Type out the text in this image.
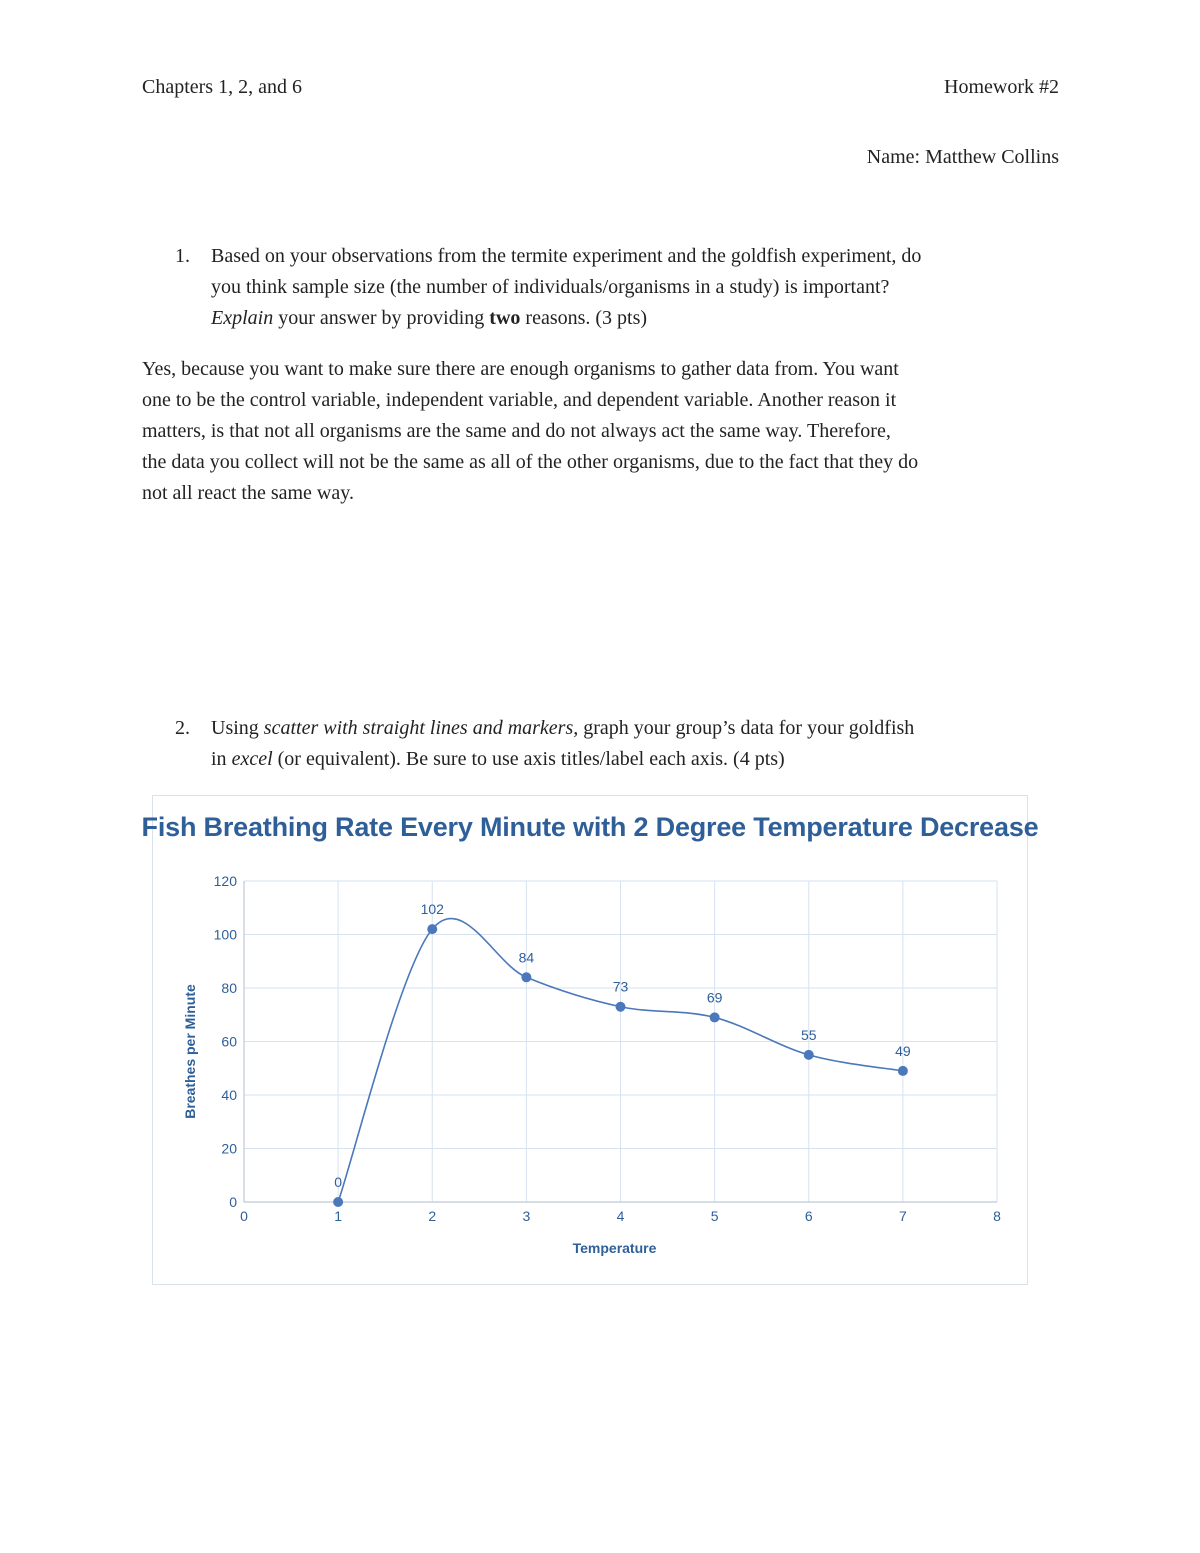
Chapters 1, 2, and 6	Homework #2

Name: Matthew Collins

1. Based on your observations from the termite experiment and the goldfish experiment, do
you think sample size (the number of individuals/organisms in a study) is important?
Explain your answer by providing two reasons. (3 pts)
Yes, because you want to make sure there are enough organisms to gather data from. You want
one to be the control variable, independent variable, and dependent variable. Another reason it
matters, is that not all organisms are the same and do not always act the same way. Therefore,
the data you collect will not be the same as all of the other organisms, due to the fact that they do
not all react the same way.
2. Using scatter with straight lines and markers, graph your group’s data for your goldfish
in excel (or equivalent). Be sure to use axis titles/label each axis. (4 pts)
Fish Breathing Rate Every Minute with 2 Degree Temperature Decrease
0
20
40
60
80
100
120
0	1	2	3	4	5	6	7	8
Temperature
Breathes per Minute
0
102
84
73
69
55
49
